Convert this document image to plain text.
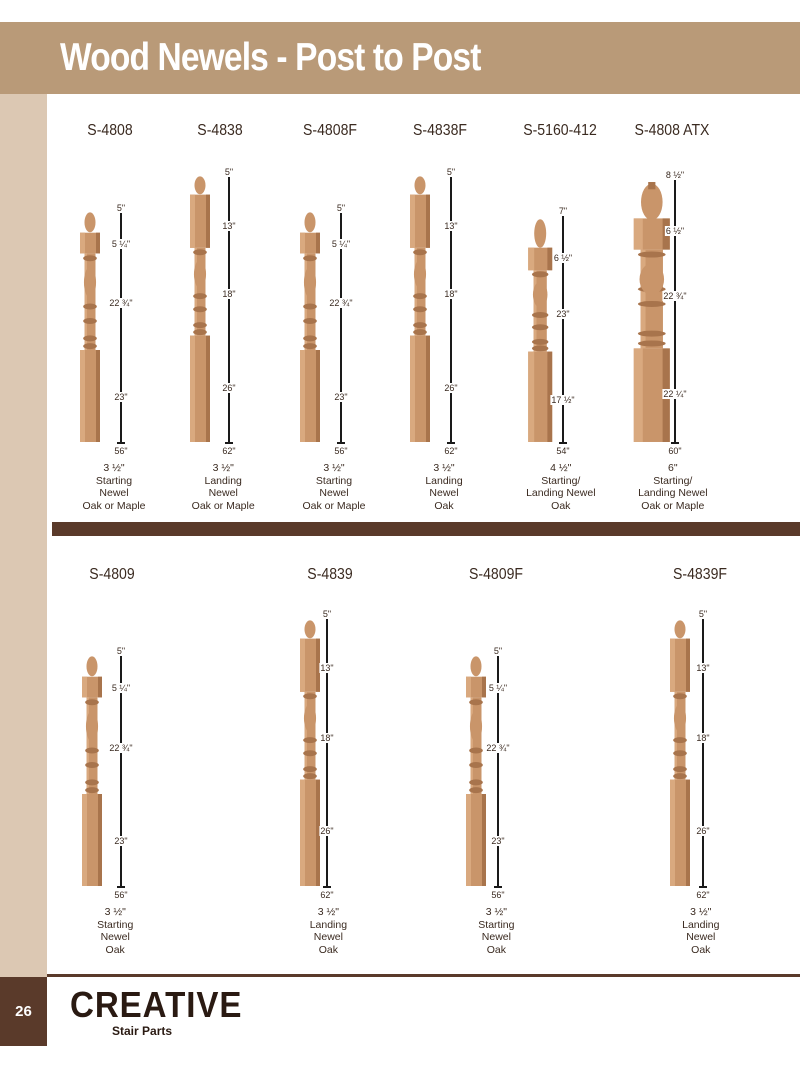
Wood Newels - Post to Post
26	CREATIVE
Stair Parts
S-4808
5"
5 ¼"
22 ¾"
23"
56"
3 ½"
Starting
Newel
Oak or Maple
S-4838
5"
13"
18"
26"
62"
3 ½"
Landing
Newel
Oak or Maple
S-4808F
5"
5 ¼"
22 ¾"
23"
56"
3 ½"
Starting
Newel
Oak or Maple
S-4838F
5"
13"
18"
26"
62"
3 ½"
Landing
Newel
Oak
S-5160-412
7"
6 ½"
23"
17 ½"
54"
4 ½"
Starting/
Landing Newel
Oak
S-4808 ATX
8 ½"
6 ½"
22 ¾"
22 ¼"
60"
6"
Starting/
Landing Newel
Oak or Maple
S-4809
5"
5 ¼"
22 ¾"
23"
56"
3 ½"
Starting
Newel
Oak
S-4839
5"
13"
18"
26"
62"
3 ½"
Landing
Newel
Oak
S-4809F
5"
5 ¼"
22 ¾"
23"
56"
3 ½"
Starting
Newel
Oak
S-4839F
5"
13"
18"
26"
62"
3 ½"
Landing
Newel
Oak
